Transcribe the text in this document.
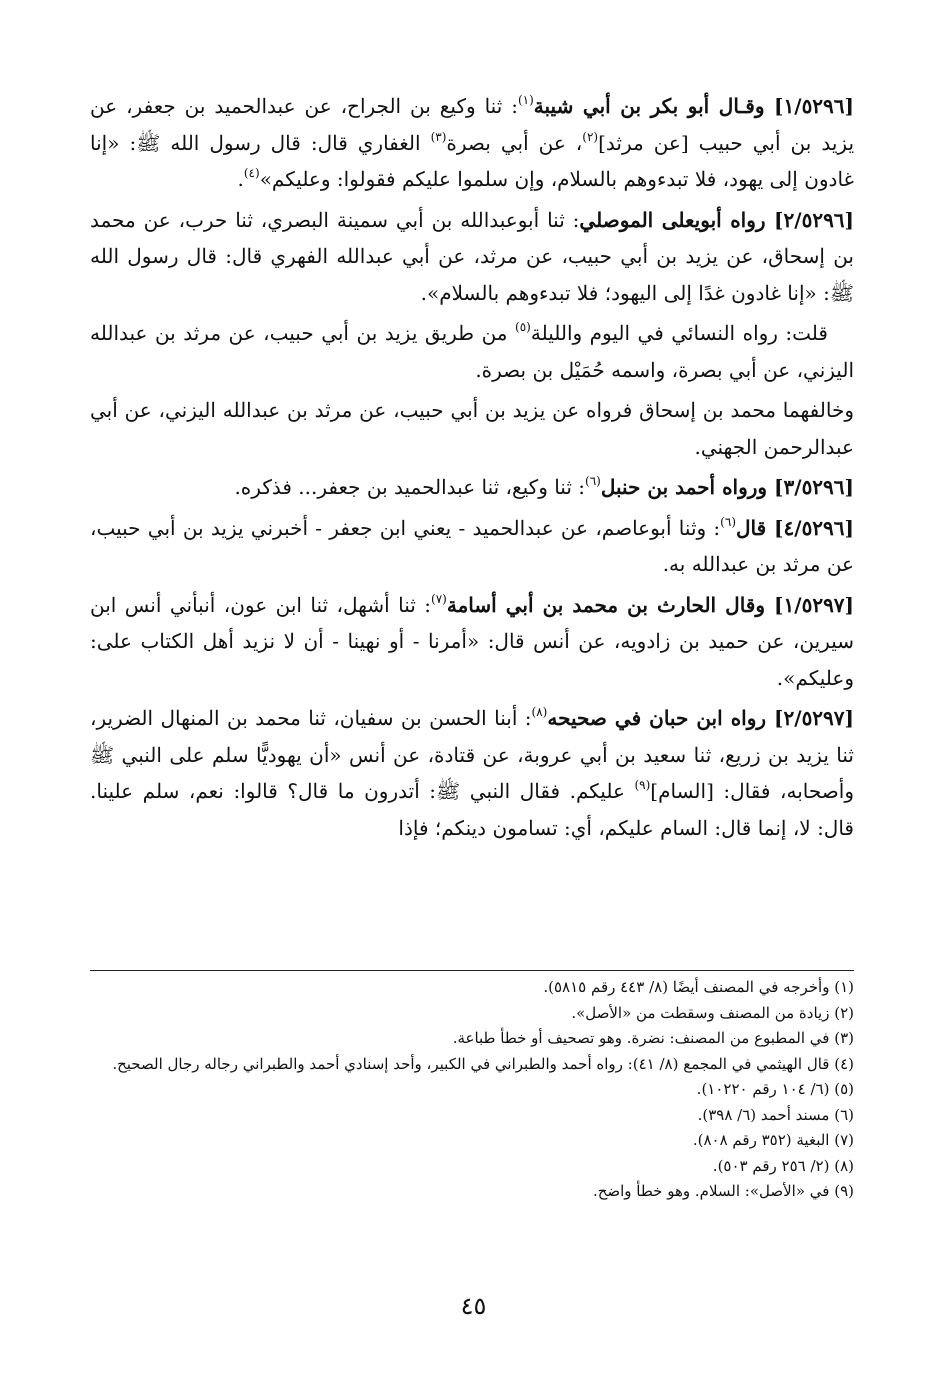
[١/٥٢٩٦] وقـال أبو بكر بن أبي شيبة$^{(١)}$: ثنا وكيع بن الجراح، عن عبدالحميد بن جعفر، عن يزيد بن أبي حبيب [عن مرثد]$^{(٢)}$، عن أبي بصرة$^{(٣)}$ الغفاري قال: قال رسول الله ﷺ: «إنا غادون إلى يهود، فلا تبدءوهم بالسلام، وإن سلموا عليكم فقولوا: وعليكم»$^{(٤)}$.

[٢/٥٢٩٦] رواه أبويعلى الموصلي: ثنا أبوعبدالله بن أبي سمينة البصري، ثنا حرب، عن محمد بن إسحاق، عن يزيد بن أبي حبيب، عن مرثد، عن أبي عبدالله الفهري قال: قال رسول الله ﷺ: «إنا غادون غدًا إلى اليهود؛ فلا تبدءوهم بالسلام».

قلت: رواه النسائي في اليوم والليلة$^{(٥)}$ من طريق يزيد بن أبي حبيب، عن مرثد بن عبدالله اليزني، عن أبي بصرة، واسمه حُمَيْل بن بصرة.

وخالفهما محمد بن إسحاق فرواه عن يزيد بن أبي حبيب، عن مرثد بن عبدالله اليزني، عن أبي عبدالرحمن الجهني.

[٣/٥٢٩٦] ورواه أحمد بن حنبل$^{(٦)}$: ثنا وكيع، ثنا عبدالحميد بن جعفر... فذكره.

[٤/٥٢٩٦] قال$^{(٦)}$: وثنا أبوعاصم، عن عبدالحميد - يعني ابن جعفر - أخبرني يزيد بن أبي حبيب، عن مرثد بن عبدالله به.

[١/٥٢٩٧] وقال الحارث بن محمد بن أبي أسامة$^{(٧)}$: ثنا أشهل، ثنا ابن عون، أنبأني أنس ابن سيرين، عن حميد بن زادويه، عن أنس قال: «أمرنا - أو نهينا - أن لا نزيد أهل الكتاب على: وعليكم».

[٢/٥٢٩٧] رواه ابن حبان في صحيحه$^{(٨)}$: أبنا الحسن بن سفيان، ثنا محمد بن المنهال الضرير، ثنا يزيد بن زريع، ثنا سعيد بن أبي عروبة، عن قتادة، عن أنس «أن يهوديًّا سلم على النبي ﷺ وأصحابه، فقال: [السام]$^{(٩)}$ عليكم. فقال النبي ﷺ: أتدرون ما قال؟ قالوا: نعم، سلم علينا. قال: لا، إنما قال: السام عليكم، أي: تسامون دينكم؛ فإذا

(١) وأخرجه في المصنف أيضًا (٨/ ٤٤٣ رقم ٥٨١٥).

(٢) زيادة من المصنف وسقطت من «الأصل».

(٣) في المطبوع من المصنف: نضرة. وهو تصحيف أو خطأ طباعة.

(٤) قال الهيثمي في المجمع (٨/ ٤١): رواه أحمد والطبراني في الكبير، وأحد إسنادي أحمد والطبراني رجاله رجال الصحيح.

(٥) (٦/ ١٠٤ رقم ١٠٢٢٠).

(٦) مسند أحمد (٦/ ٣٩٨).

(٧) البغية (٣٥٢ رقم ٨٠٨).

(٨) (٢/ ٢٥٦ رقم ٥٠٣).

(٩) في «الأصل»: السلام. وهو خطأ واضح.

٤٥
